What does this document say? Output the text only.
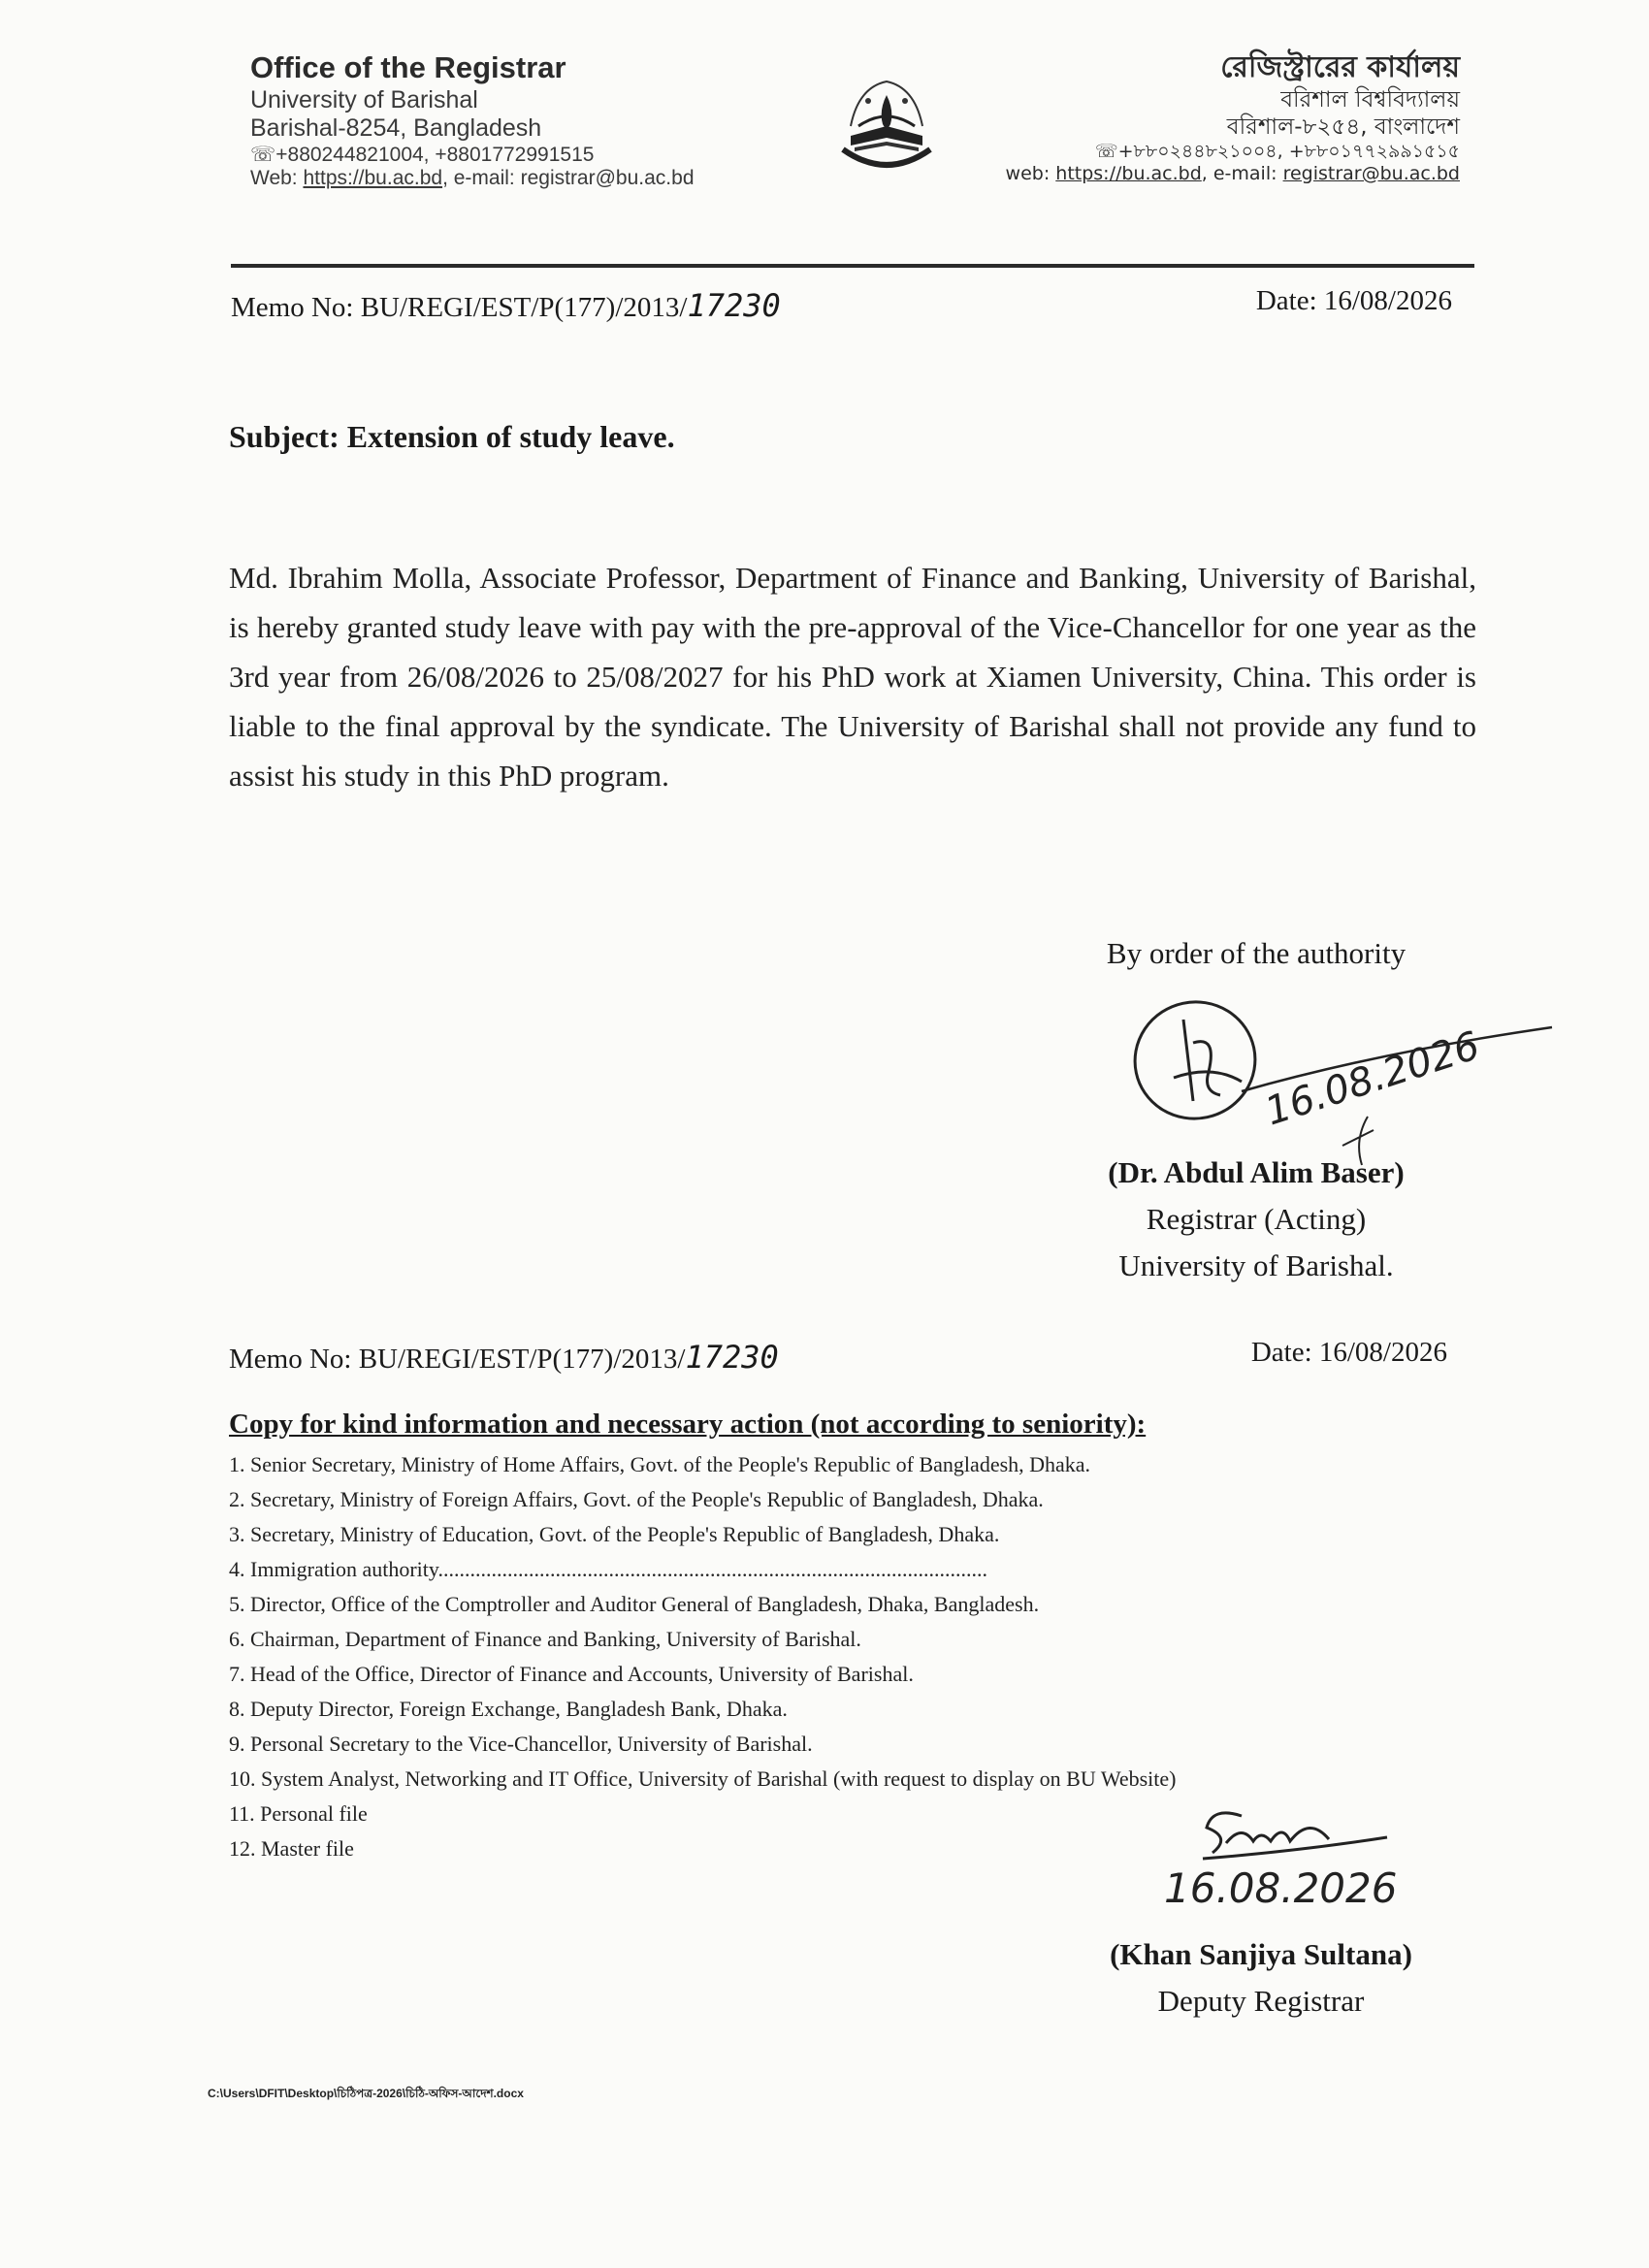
Office of the Registrar
University of Barishal
Barishal-8254, Bangladesh
☏+880244821004, +8801772991515
Web: https://bu.ac.bd, e-mail: registrar@bu.ac.bd
রেজিস্ট্রারের কার্যালয়
বরিশাল বিশ্ববিদ্যালয়
বরিশাল-৮২৫৪, বাংলাদেশ
☏+৮৮০২৪৪৮২১০০৪, +৮৮০১৭৭২৯৯১৫১৫
web: https://bu.ac.bd, e-mail: registrar@bu.ac.bd
Memo No: BU/REGI/EST/P(177)/2013/17230	Date: 16/08/2026
Subject: Extension of study leave.
Md. Ibrahim Molla, Associate Professor, Department of Finance and Banking, University of Barishal, is hereby granted study leave with pay with the pre-approval of the Vice-Chancellor for one year as the 3rd year from 26/08/2026 to 25/08/2027 for his PhD work at Xiamen University, China. This order is liable to the final approval by the syndicate. The University of Barishal shall not provide any fund to assist his study in this PhD program.
By order of the authority
16.08.2026
(Dr. Abdul Alim Baser)
Registrar (Acting)
University of Barishal.
Memo No: BU/REGI/EST/P(177)/2013/17230	Date: 16/08/2026
Copy for kind information and necessary action (not according to seniority):
1. Senior Secretary, Ministry of Home Affairs, Govt. of the People's Republic of Bangladesh, Dhaka.
2. Secretary, Ministry of Foreign Affairs, Govt. of the People's Republic of Bangladesh, Dhaka.
3. Secretary, Ministry of Education, Govt. of the People's Republic of Bangladesh, Dhaka.
4. Immigration authority.......................................................................................................
5. Director, Office of the Comptroller and Auditor General of Bangladesh, Dhaka, Bangladesh.
6. Chairman, Department of Finance and Banking, University of Barishal.
7. Head of the Office, Director of Finance and Accounts, University of Barishal.
8. Deputy Director, Foreign Exchange, Bangladesh Bank, Dhaka.
9. Personal Secretary to the Vice-Chancellor, University of Barishal.
10. System Analyst, Networking and IT Office, University of Barishal (with request to display on BU Website)
11. Personal file
12. Master file
16.08.2026
(Khan Sanjiya Sultana)
Deputy Registrar
C:\Users\DFIT\Desktop\চিঠিপত্র-2026\চিঠি-অফিস-আদেশ.docx
